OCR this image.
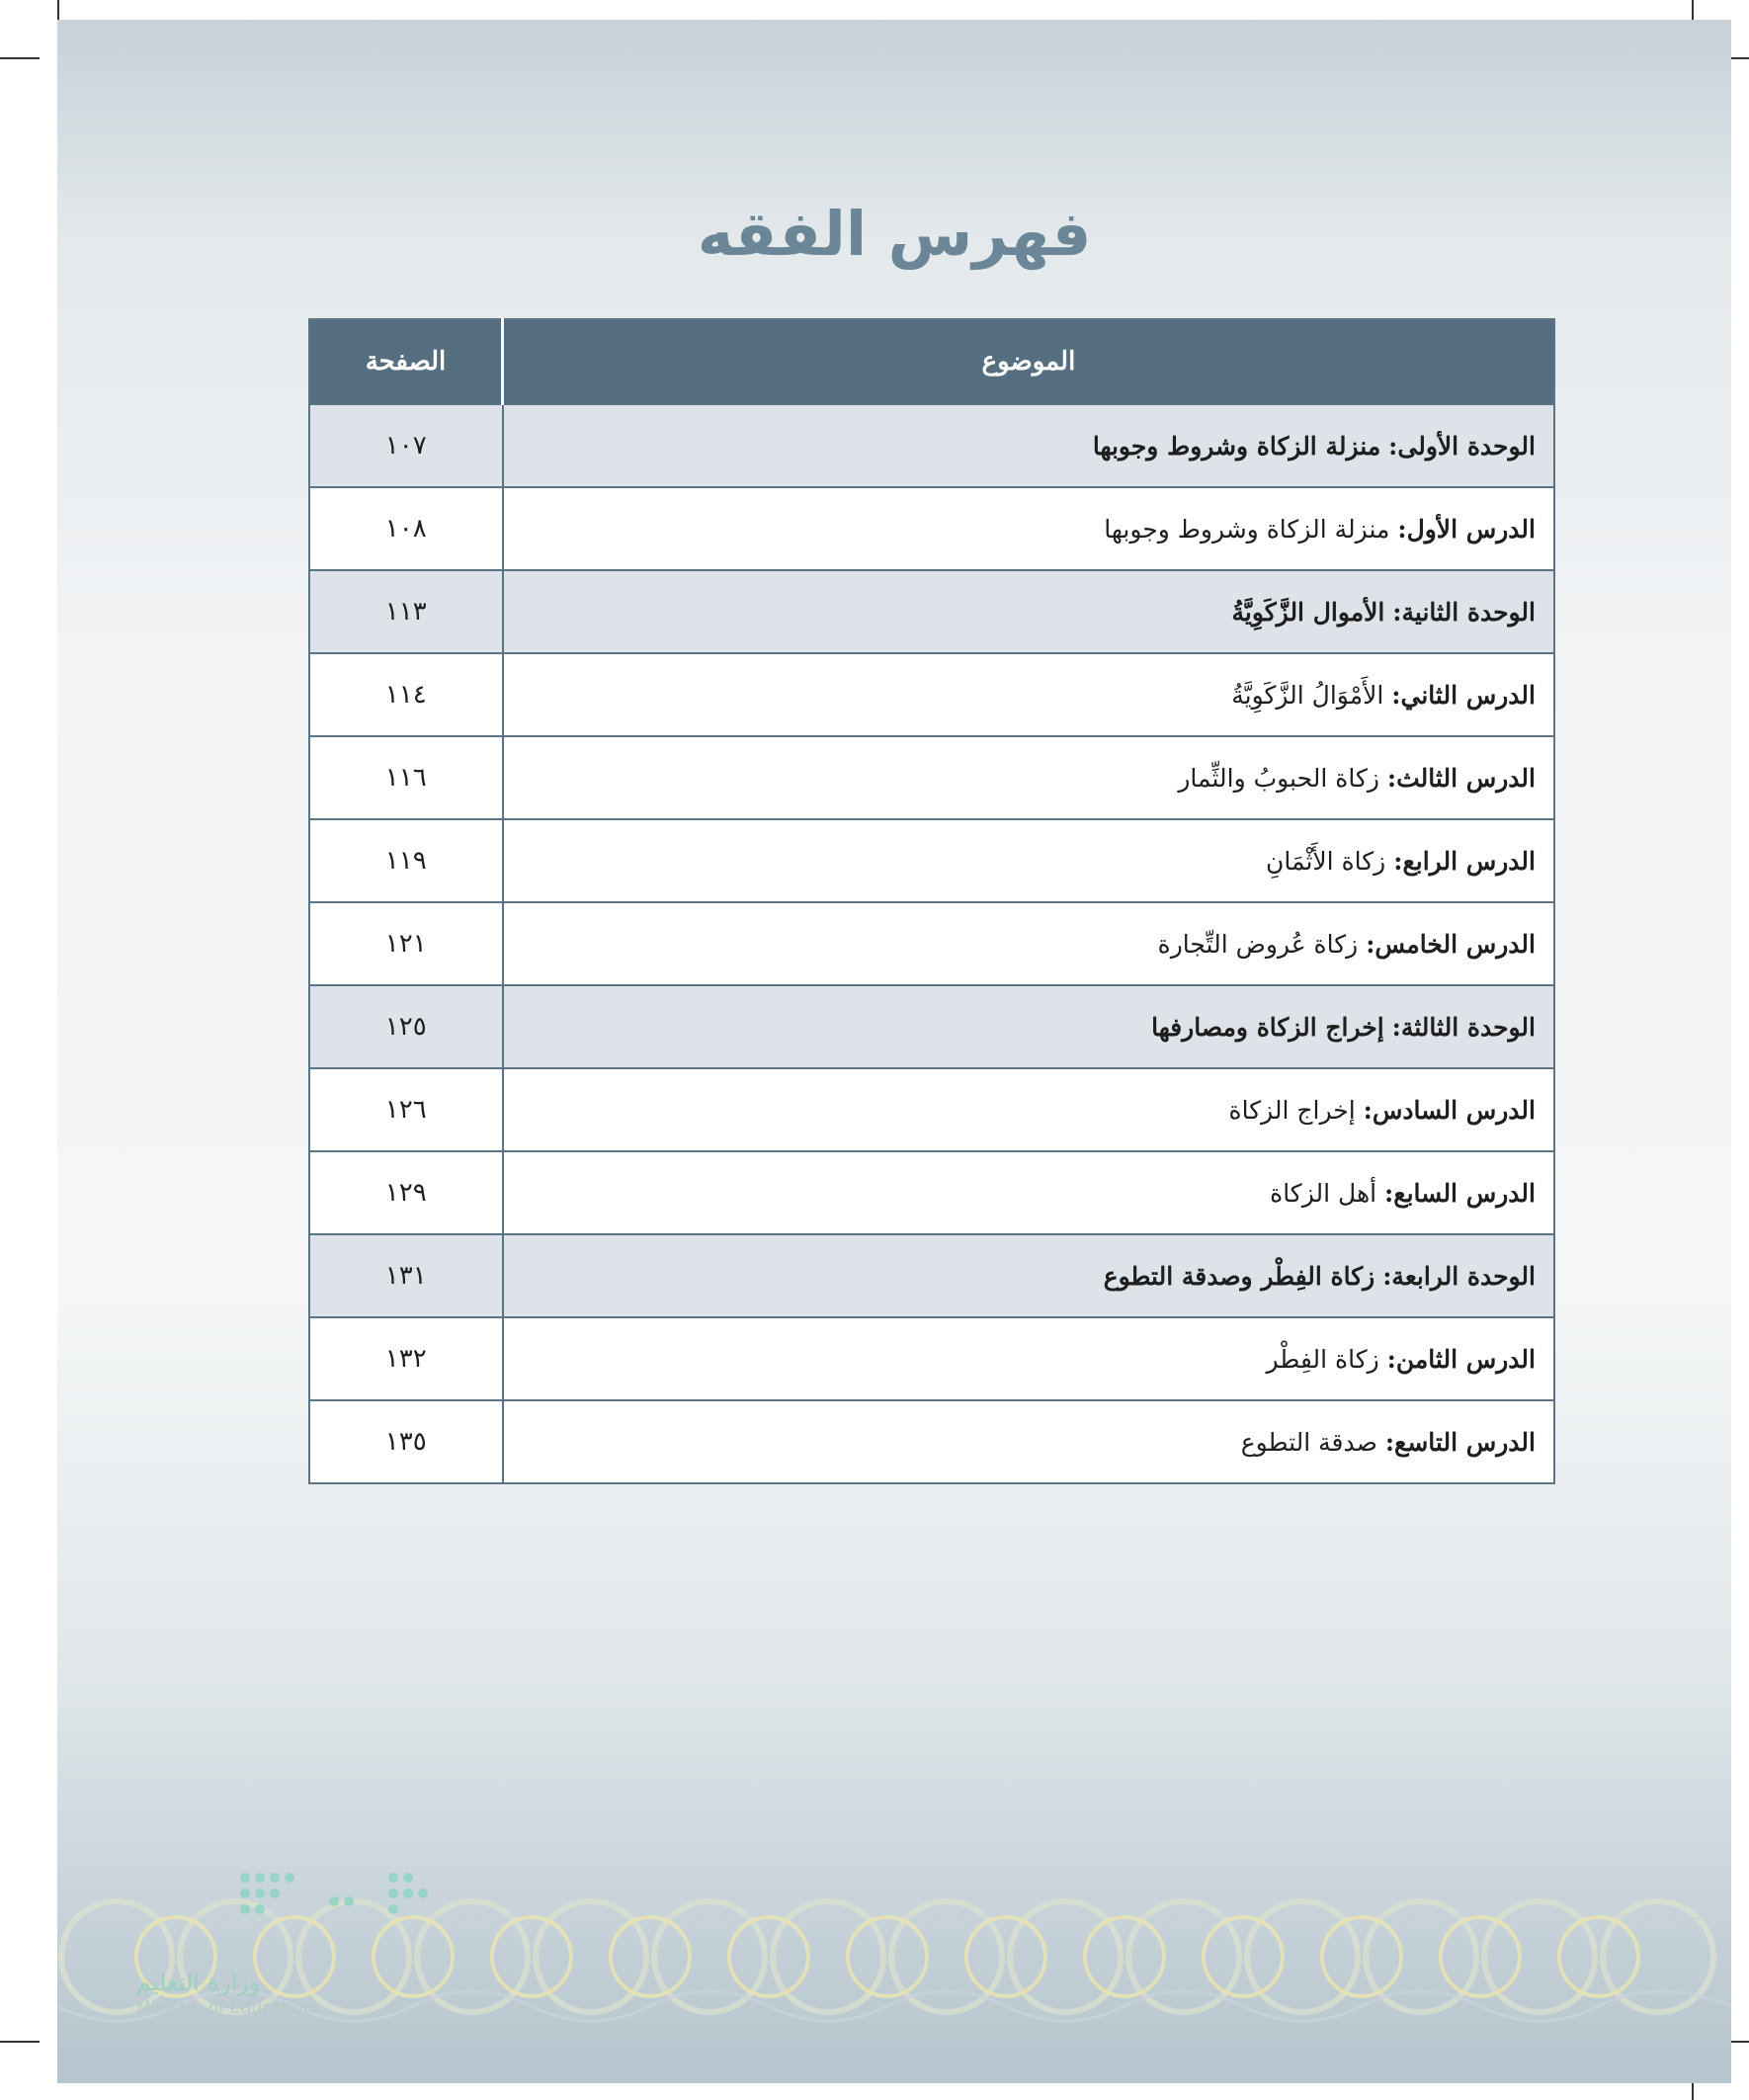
وزارة التعليم
Ministry of Education
2024 - 1446
فهرس الفقه
الموضوع	الصفحة
الوحدة الأولى: منزلة الزكاة وشروط وجوبها	١٠٧
الدرس الأول: منزلة الزكاة وشروط وجوبها	١٠٨
الوحدة الثانية: الأموال الزَّكَوِيَّةُ	١١٣
الدرس الثاني: الأَمْوَالُ الزَّكَوِيَّةُ	١١٤
الدرس الثالث: زكاة الحبوبُ والثِّمار	١١٦
الدرس الرابع: زكاة الأَثْمَانِ	١١٩
الدرس الخامس: زكاة عُروض التِّجارة	١٢١
الوحدة الثالثة: إخراج الزكاة ومصارفها	١٢٥
الدرس السادس: إخراج الزكاة	١٢٦
الدرس السابع: أهل الزكاة	١٢٩
الوحدة الرابعة: زكاة الفِطْر وصدقة التطوع	١٣١
الدرس الثامن: زكاة الفِطْر	١٣٢
الدرس التاسع: صدقة التطوع	١٣٥
